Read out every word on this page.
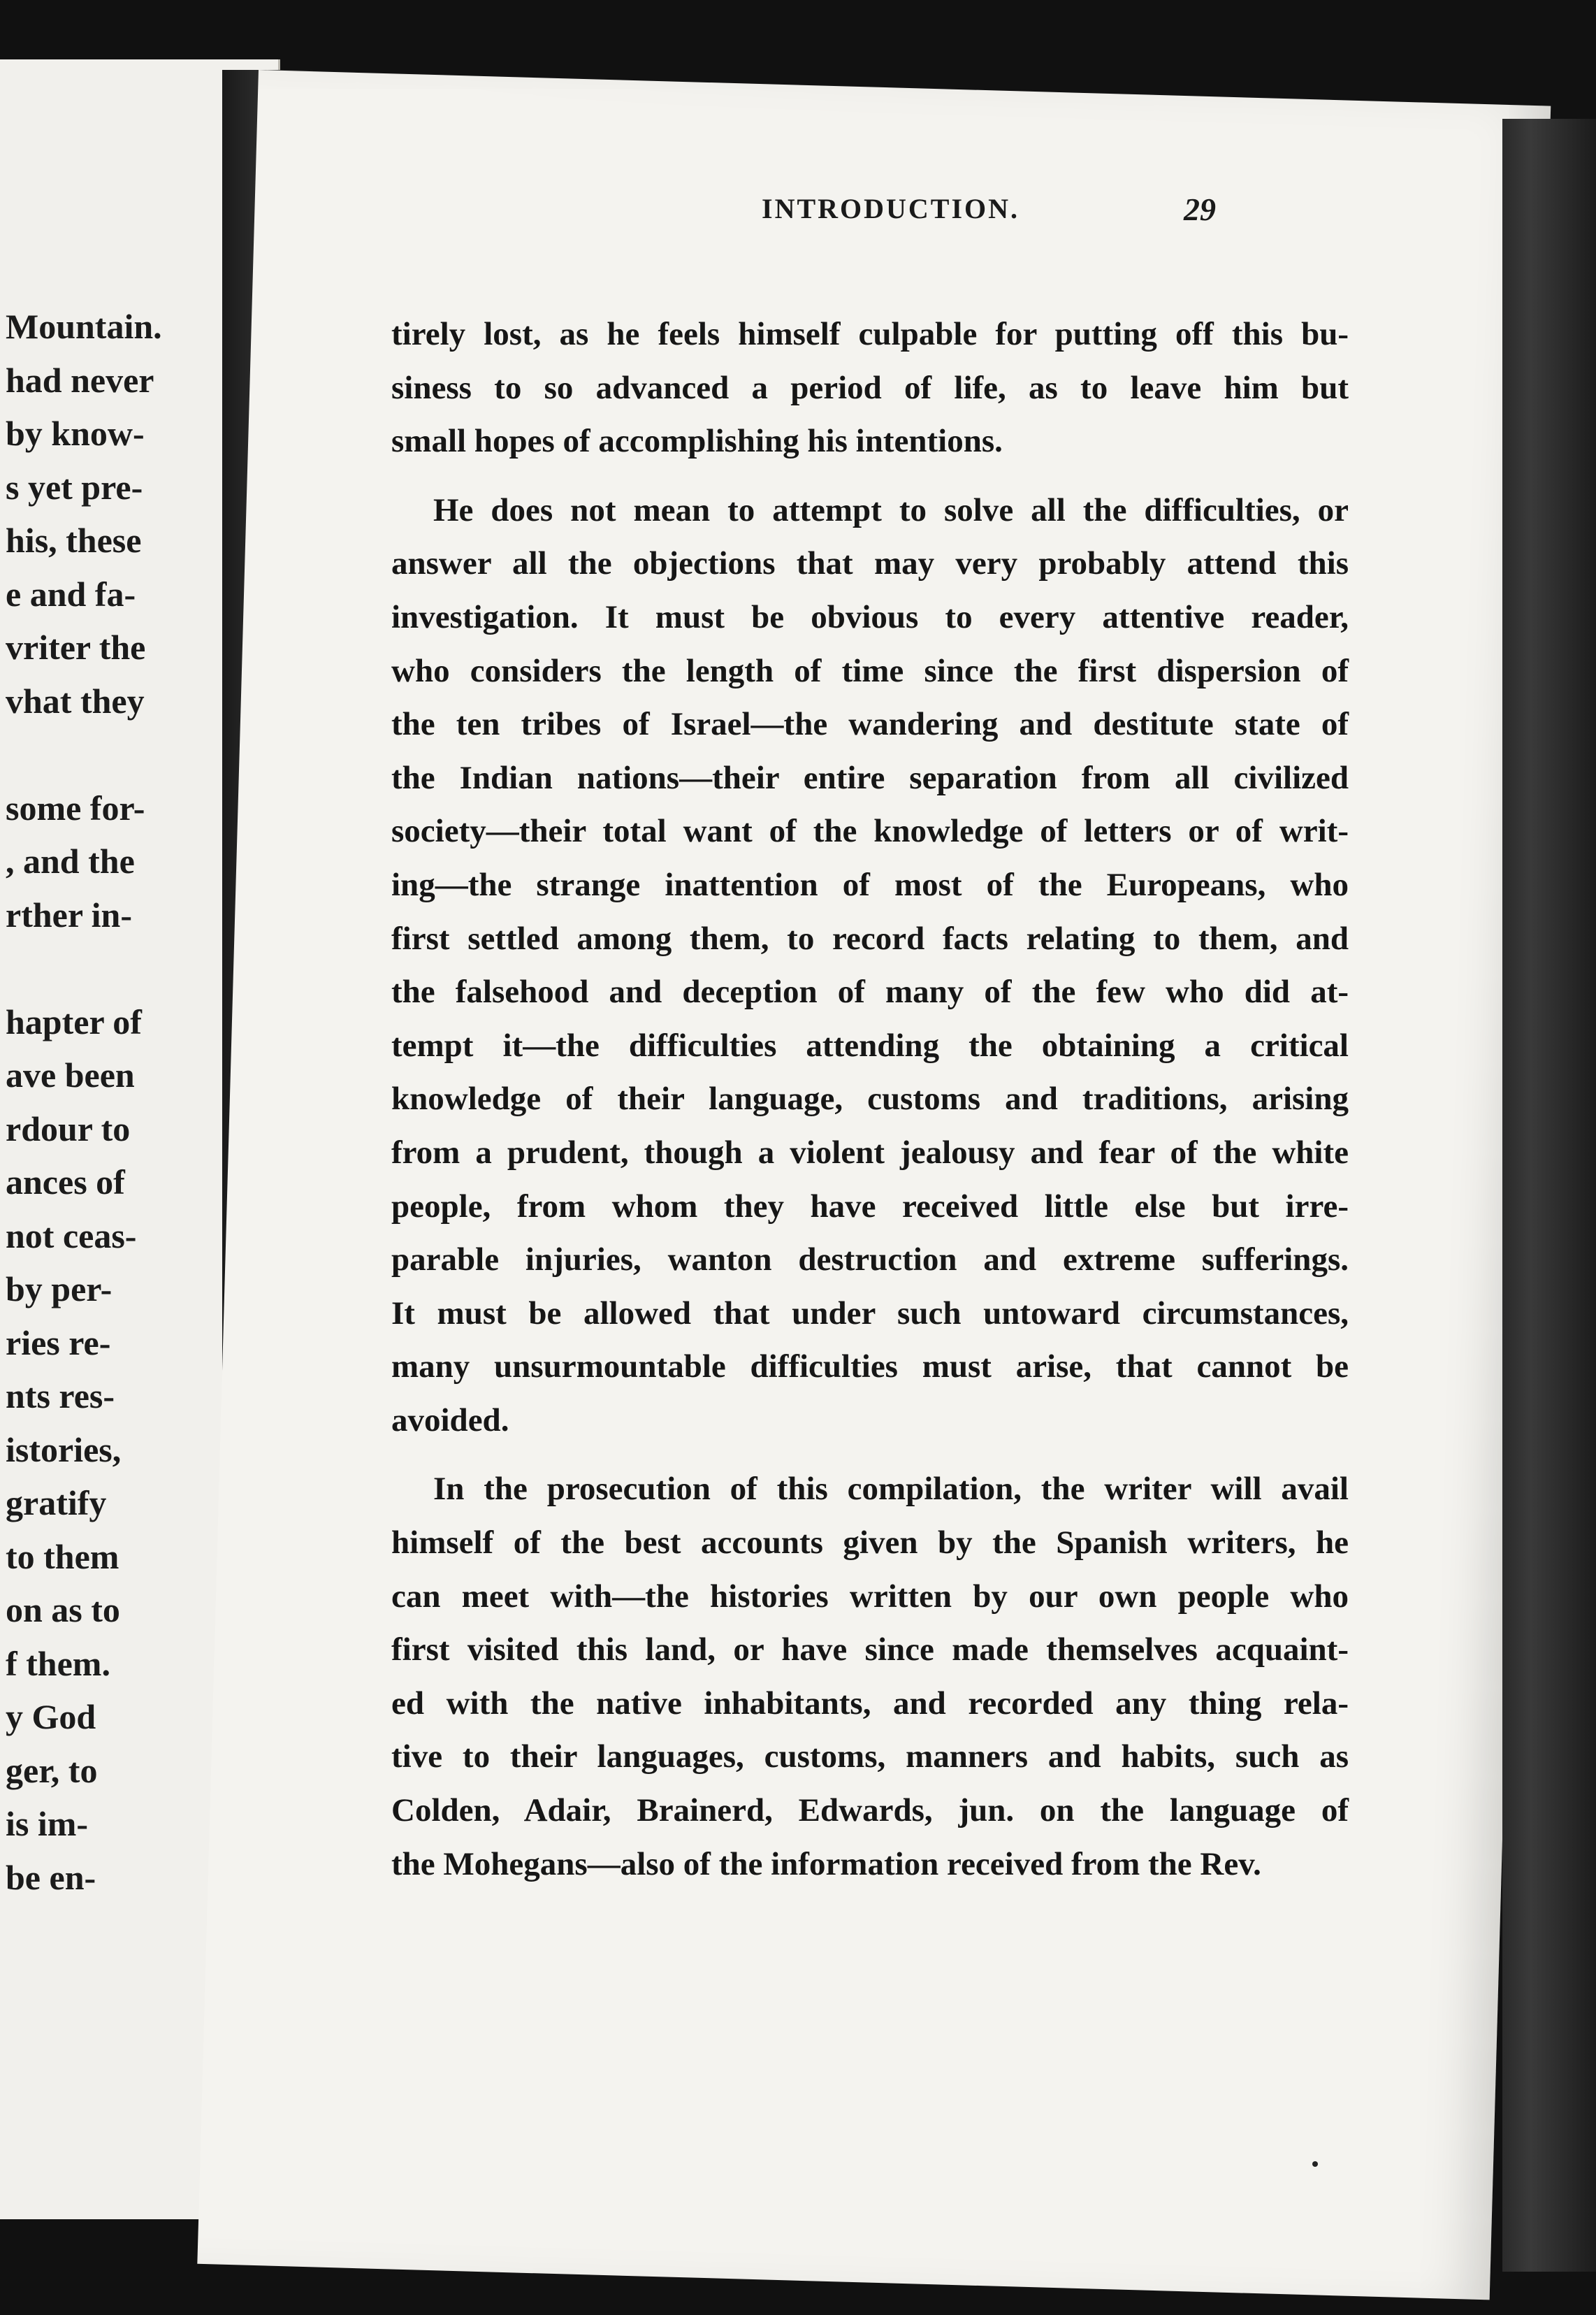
Mountain.
had never
by know-
s yet pre-
his, these
e and fa-
vriter the
vhat they
some for-
, and the
rther in-
hapter of
ave been
rdour to
ances of
not ceas-
by per-
ries re-
nts res-
istories,
gratify
to them
on as to
f them.
y God
ger, to
is im-
be en-
INTRODUCTION.	29
tirely lost, as he feels himself culpable for putting off this bu-
siness to so advanced a period of life, as to leave him but
small hopes of accomplishing his intentions.
He does not mean to attempt to solve all the difficulties, or
answer all the objections that may very probably attend this
investigation. It must be obvious to every attentive reader,
who considers the length of time since the first dispersion of
the ten tribes of Israel—the wandering and destitute state of
the Indian nations—their entire separation from all civilized
society—their total want of the knowledge of letters or of writ-
ing—the strange inattention of most of the Europeans, who
first settled among them, to record facts relating to them, and
the falsehood and deception of many of the few who did at-
tempt it—the difficulties attending the obtaining a critical
knowledge of their language, customs and traditions, arising
from a prudent, though a violent jealousy and fear of the white
people, from whom they have received little else but irre-
parable injuries, wanton destruction and extreme sufferings.
It must be allowed that under such untoward circumstances,
many unsurmountable difficulties must arise, that cannot be
avoided.
In the prosecution of this compilation, the writer will avail
himself of the best accounts given by the Spanish writers, he
can meet with—the histories written by our own people who
first visited this land, or have since made themselves acquaint-
ed with the native inhabitants, and recorded any thing rela-
tive to their languages, customs, manners and habits, such as
Colden, Adair, Brainerd, Edwards, jun. on the language of
the Mohegans—also of the information received from the Rev.
